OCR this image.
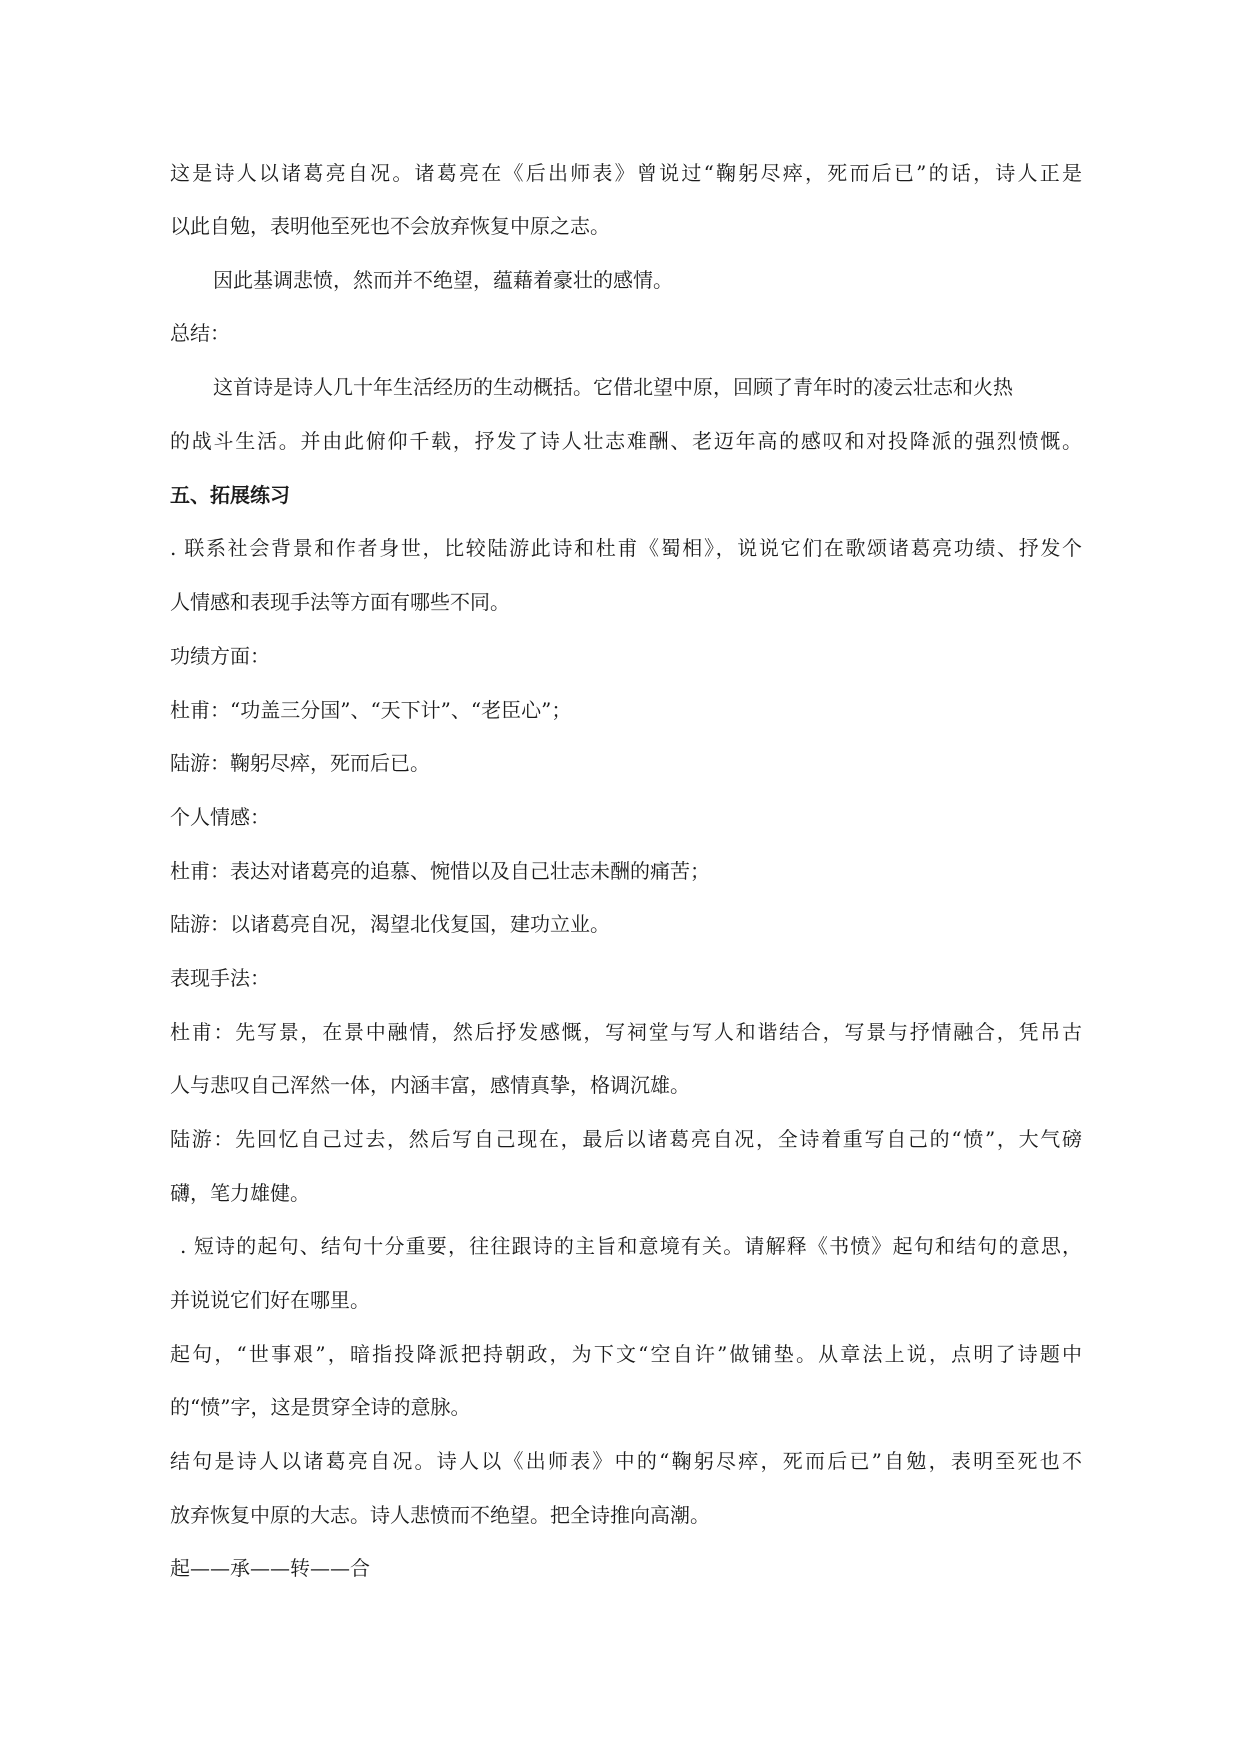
这是诗人以诸葛亮自况。诸葛亮在《后出师表》曾说过“鞠躬尽瘁，死而后已”的话，诗人正是
以此自勉，表明他至死也不会放弃恢复中原之志。
因此基调悲愤，然而并不绝望，蕴藉着豪壮的感情。
总结：
这首诗是诗人几十年生活经历的生动概括。它借北望中原，回顾了青年时的凌云壮志和火热
的战斗生活。并由此俯仰千载，抒发了诗人壮志难酬、老迈年高的感叹和对投降派的强烈愤慨。
五、拓展练习
. 联系社会背景和作者身世，比较陆游此诗和杜甫《蜀相》，说说它们在歌颂诸葛亮功绩、抒发个
人情感和表现手法等方面有哪些不同。
功绩方面：
杜甫：“功盖三分国”、“天下计”、“老臣心”；
陆游：鞠躬尽瘁，死而后已。
个人情感：
杜甫：表达对诸葛亮的追慕、惋惜以及自己壮志未酬的痛苦；
陆游：以诸葛亮自况，渴望北伐复国，建功立业。
表现手法：
杜甫：先写景，在景中融情，然后抒发感慨，写祠堂与写人和谐结合，写景与抒情融合，凭吊古
人与悲叹自己浑然一体，内涵丰富，感情真挚，格调沉雄。
陆游：先回忆自己过去，然后写自己现在，最后以诸葛亮自况，全诗着重写自己的“愤”，大气磅
礴，笔力雄健。
. 短诗的起句、结句十分重要，往往跟诗的主旨和意境有关。请解释《书愤》起句和结句的意思，
并说说它们好在哪里。
起句，“世事艰”，暗指投降派把持朝政，为下文“空自许”做铺垫。从章法上说，点明了诗题中
的“愤”字，这是贯穿全诗的意脉。
结句是诗人以诸葛亮自况。诗人以《出师表》中的“鞠躬尽瘁，死而后已”自勉，表明至死也不
放弃恢复中原的大志。诗人悲愤而不绝望。把全诗推向高潮。
起——承——转——合
